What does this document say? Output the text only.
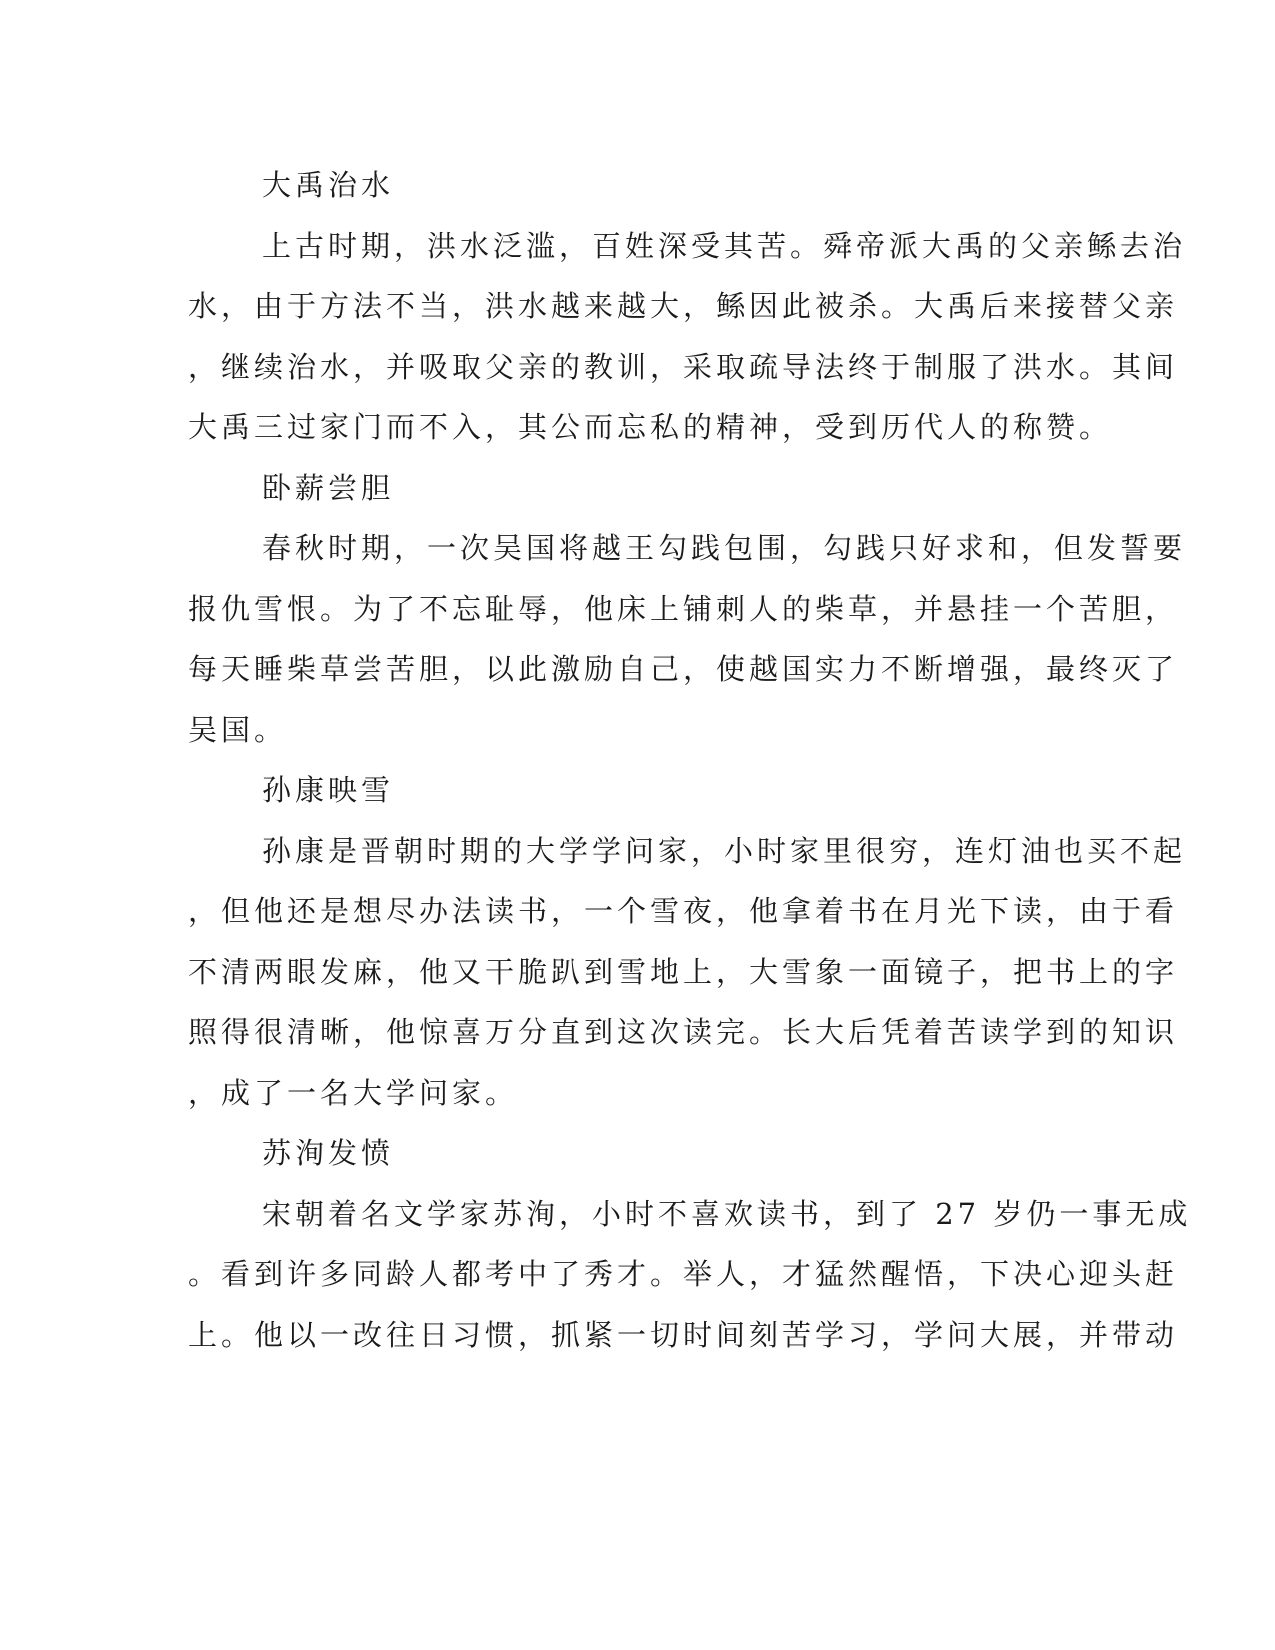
大禹治水
上古时期，洪水泛滥，百姓深受其苦。舜帝派大禹的父亲鲧去治
水，由于方法不当，洪水越来越大，鲧因此被杀。大禹后来接替父亲
，继续治水，并吸取父亲的教训，采取疏导法终于制服了洪水。其间
大禹三过家门而不入，其公而忘私的精神，受到历代人的称赞。
卧薪尝胆
春秋时期，一次吴国将越王勾践包围，勾践只好求和，但发誓要
报仇雪恨。为了不忘耻辱，他床上铺刺人的柴草，并悬挂一个苦胆，
每天睡柴草尝苦胆，以此激励自己，使越国实力不断增强，最终灭了
吴国。
孙康映雪
孙康是晋朝时期的大学学问家，小时家里很穷，连灯油也买不起
，但他还是想尽办法读书，一个雪夜，他拿着书在月光下读，由于看
不清两眼发麻，他又干脆趴到雪地上，大雪象一面镜子，把书上的字
照得很清晰，他惊喜万分直到这次读完。长大后凭着苦读学到的知识
，成了一名大学问家。
苏洵发愤
宋朝着名文学家苏洵，小时不喜欢读书，到了 27 岁仍一事无成
。看到许多同龄人都考中了秀才。举人，才猛然醒悟，下决心迎头赶
上。他以一改往日习惯，抓紧一切时间刻苦学习，学问大展，并带动
